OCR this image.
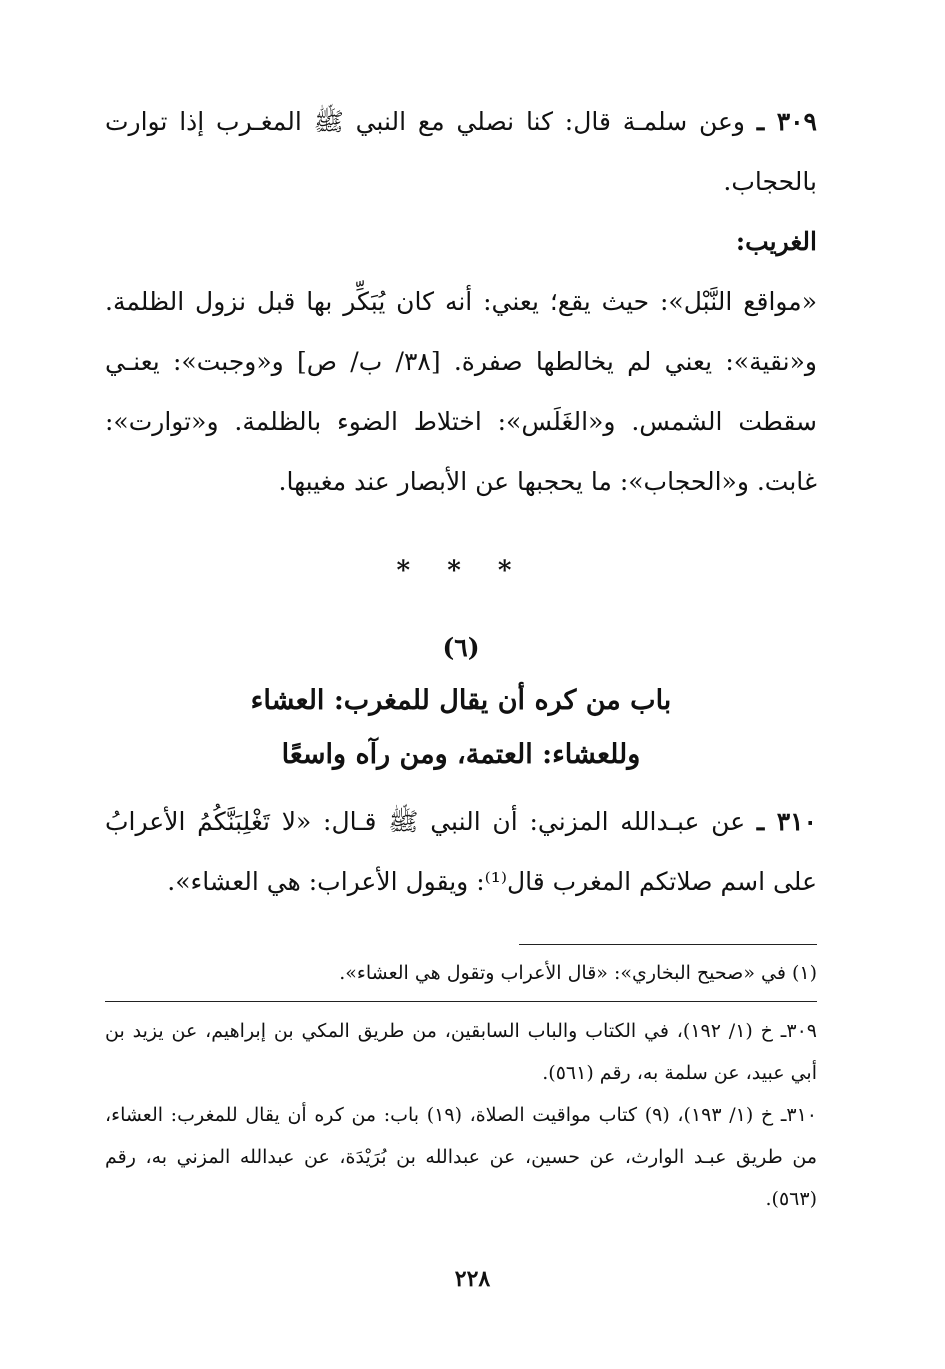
٣٠٩ ـ وعن سلمـة قال: كنا نصلي مع النبي ﷺ المغـرب إذا توارت بالحجاب.

الغريب:

«مواقع النَّبْل»: حيث يقع؛ يعني: أنه كان يُبَكِّر بها قبل نزول الظلمة. و«نقية»: يعني لم يخالطها صفرة. [٣٨/ ب/ ص] و«وجبت»: يعنـي سقطت الشمس. و«الغَلَس»: اختلاط الضوء بالظلمة. و«توارت»: غابت. و«الحجاب»: ما يحجبها عن الأبصار عند مغيبها.

* * *

(٦)

باب من كره أن يقال للمغرب: العشاء

وللعشاء: العتمة، ومن رآه واسعًا

٣١٠ ـ عن عبـدالله المزني: أن النبي ﷺ قـال: «لا تَغْلِبَنَّكُمُ الأعرابُ على اسم صلاتكم المغرب قال⁽¹⁾: ويقول الأعراب: هي العشاء».

(١) في «صحيح البخاري»: «قال الأعراب وتقول هي العشاء».

٣٠٩ـ خ (١/ ١٩٢)، في الكتاب والباب السابقين، من طريق المكي بن إبراهيم، عن يزيد بن أبي عبيد، عن سلمة به، رقم (٥٦١).

٣١٠ـ خ (١/ ١٩٣)، (٩) كتاب مواقيت الصلاة، (١٩) باب: من كره أن يقال للمغرب: العشاء، من طريق عبـد الوارث، عن حسين، عن عبدالله بن بُرَيْدَة، عن عبدالله المزني به، رقم (٥٦٣).

٢٢٨
